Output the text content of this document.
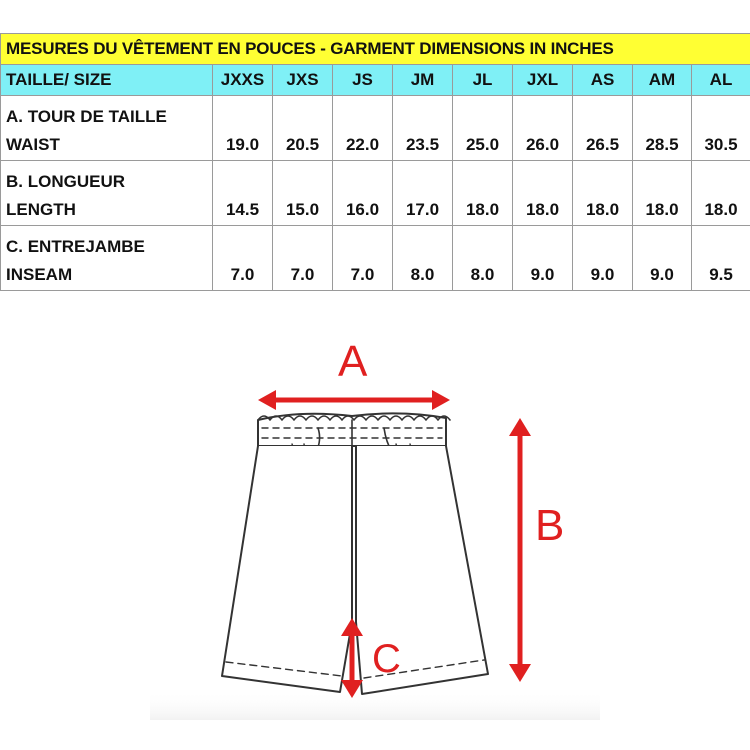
MESURES DU VÊTEMENT EN POUCES - GARMENT DIMENSIONS IN INCHES									
TAILLE/ SIZE	JXXS	JXS	JS	JM	JL	JXL	AS	AM	AL
A. TOUR DE TAILLE									
WAIST	19.0	20.5	22.0	23.5	25.0	26.0	26.5	28.5	30.5
B. LONGUEUR									
LENGTH	14.5	15.0	16.0	17.0	18.0	18.0	18.0	18.0	18.0
C. ENTREJAMBE									
INSEAM	7.0	7.0	7.0	8.0	8.0	9.0	9.0	9.0	9.5
A
B
C
